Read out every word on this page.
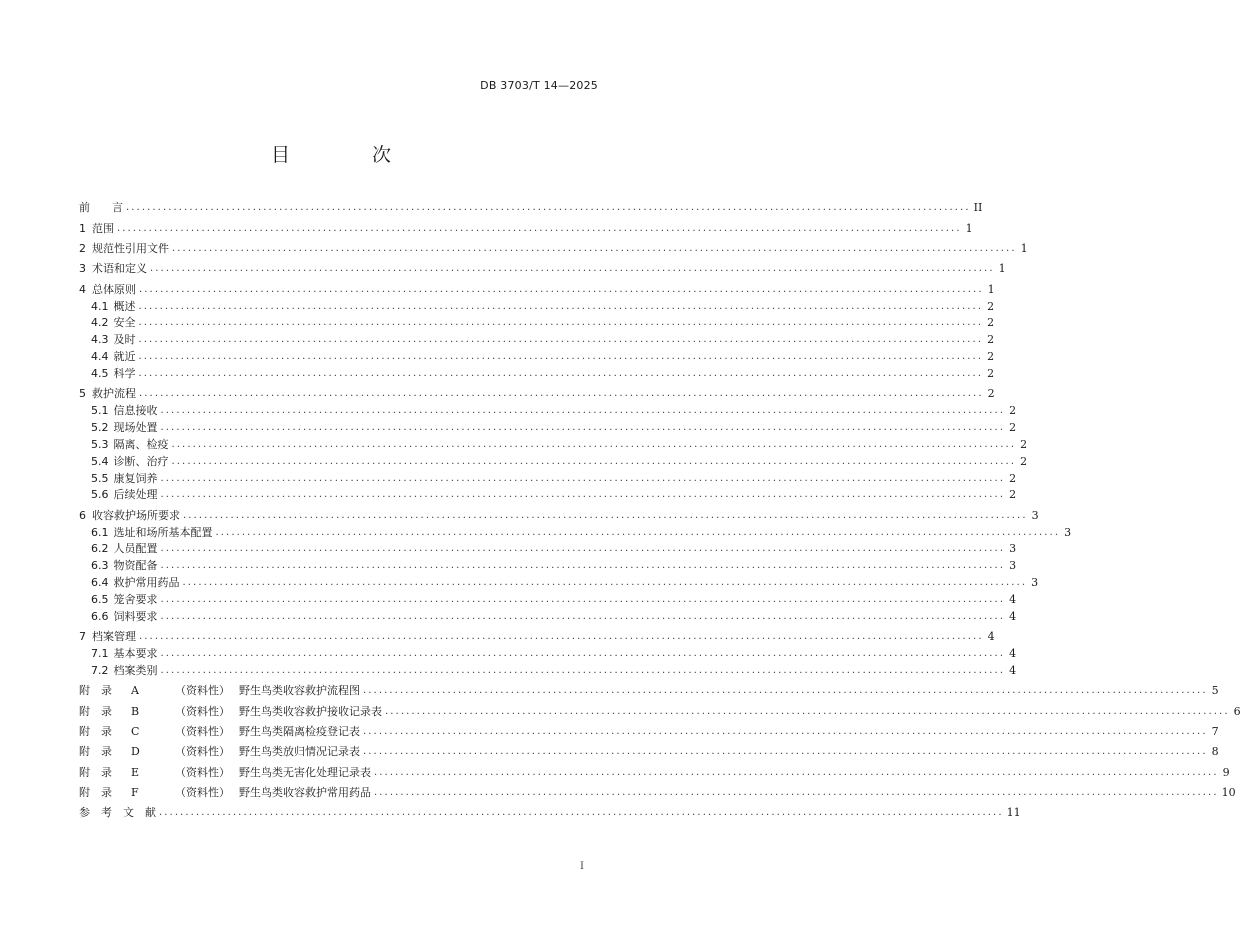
DB 3703/T 14—2025
目 次
前　　言 ................................................................................................................................................................ II
1 范围 ................................................................................................................................................................ 1
2 规范性引用文件 ................................................................................................................................................................ 1
3 术语和定义 ................................................................................................................................................................ 1
4 总体原则 ................................................................................................................................................................ 1
4.1 概述 ................................................................................................................................................................ 2
4.2 安全 ................................................................................................................................................................ 2
4.3 及时 ................................................................................................................................................................ 2
4.4 就近 ................................................................................................................................................................ 2
4.5 科学 ................................................................................................................................................................ 2
5 救护流程 ................................................................................................................................................................ 2
5.1 信息接收 ................................................................................................................................................................ 2
5.2 现场处置 ................................................................................................................................................................ 2
5.3 隔离、检疫 ................................................................................................................................................................ 2
5.4 诊断、治疗 ................................................................................................................................................................ 2
5.5 康复饲养 ................................................................................................................................................................ 2
5.6 后续处理 ................................................................................................................................................................ 2
6 收容救护场所要求 ................................................................................................................................................................ 3
6.1 选址和场所基本配置 ................................................................................................................................................................ 3
6.2 人员配置 ................................................................................................................................................................ 3
6.3 物资配备 ................................................................................................................................................................ 3
6.4 救护常用药品 ................................................................................................................................................................ 3
6.5 笼舍要求 ................................................................................................................................................................ 4
6.6 饲料要求 ................................................................................................................................................................ 4
7 档案管理 ................................................................................................................................................................ 4
7.1 基本要求 ................................................................................................................................................................ 4
7.2 档案类别 ................................................................................................................................................................ 4
附　录 A	（资料性） 野生鸟类收容救护流程图 ................................................................................................................................................................ 5
附　录 B	（资料性） 野生鸟类收容救护接收记录表 ................................................................................................................................................................ 6
附　录 C	（资料性） 野生鸟类隔离检疫登记表 ................................................................................................................................................................ 7
附　录 D	（资料性） 野生鸟类放归情况记录表 ................................................................................................................................................................ 8
附　录 E	（资料性） 野生鸟类无害化处理记录表 ................................................................................................................................................................ 9
附　录 F	（资料性） 野生鸟类收容救护常用药品 ................................................................................................................................................................ 10
参　考　文　献 ................................................................................................................................................................ 11
I
